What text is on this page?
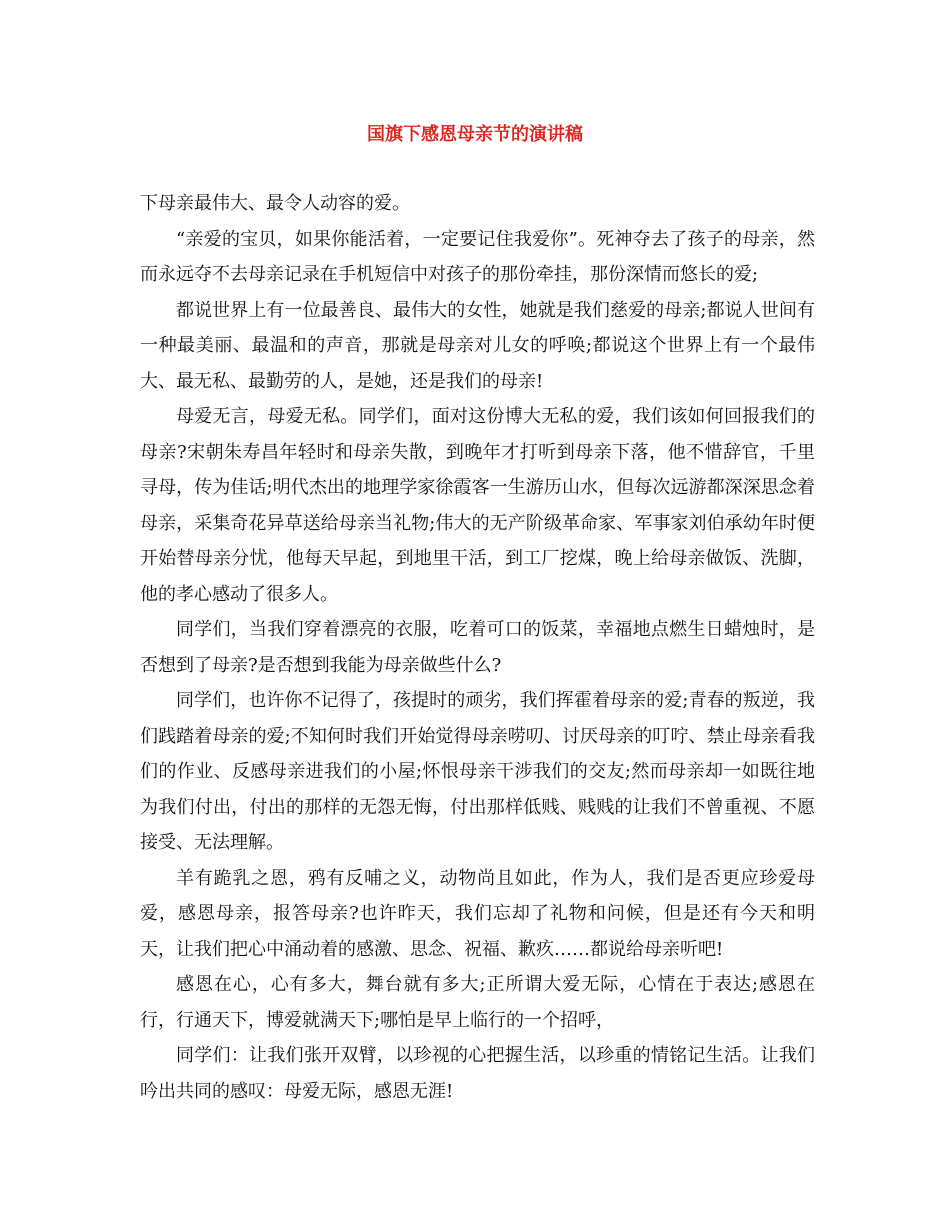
国旗下感恩母亲节的演讲稿

下母亲最伟大、最令人动容的爱。

“亲爱的宝贝，如果你能活着，一定要记住我爱你”。死神夺去了孩子的母亲，然而永远夺不去母亲记录在手机短信中对孩子的那份牵挂，那份深情而悠长的爱;

都说世界上有一位最善良、最伟大的女性，她就是我们慈爱的母亲;都说人世间有一种最美丽、最温和的声音，那就是母亲对儿女的呼唤;都说这个世界上有一个最伟大、最无私、最勤劳的人，是她，还是我们的母亲!

母爱无言，母爱无私。同学们，面对这份博大无私的爱，我们该如何回报我们的母亲?宋朝朱寿昌年轻时和母亲失散，到晚年才打听到母亲下落，他不惜辞官，千里寻母，传为佳话;明代杰出的地理学家徐霞客一生游历山水，但每次远游都深深思念着母亲，采集奇花异草送给母亲当礼物;伟大的无产阶级革命家、军事家刘伯承幼年时便开始替母亲分忧，他每天早起，到地里干活，到工厂挖煤，晚上给母亲做饭、洗脚，他的孝心感动了很多人。

同学们，当我们穿着漂亮的衣服，吃着可口的饭菜，幸福地点燃生日蜡烛时，是否想到了母亲?是否想到我能为母亲做些什么?

同学们，也许你不记得了，孩提时的顽劣，我们挥霍着母亲的爱;青春的叛逆，我们践踏着母亲的爱;不知何时我们开始觉得母亲唠叨、讨厌母亲的叮咛、禁止母亲看我们的作业、反感母亲进我们的小屋;怀恨母亲干涉我们的交友;然而母亲却一如既往地为我们付出，付出的那样的无怨无悔，付出那样低贱、贱贱的让我们不曾重视、不愿接受、无法理解。

羊有跪乳之恩，鸦有反哺之义，动物尚且如此，作为人，我们是否更应珍爱母爱，感恩母亲，报答母亲?也许昨天，我们忘却了礼物和问候，但是还有今天和明天，让我们把心中涌动着的感激、思念、祝福、歉疚……都说给母亲听吧!

感恩在心，心有多大，舞台就有多大;正所谓大爱无际，心情在于表达;感恩在行，行通天下，博爱就满天下;哪怕是早上临行的一个招呼，

同学们：让我们张开双臂，以珍视的心把握生活，以珍重的情铭记生活。让我们吟出共同的感叹：母爱无际，感恩无涯!
